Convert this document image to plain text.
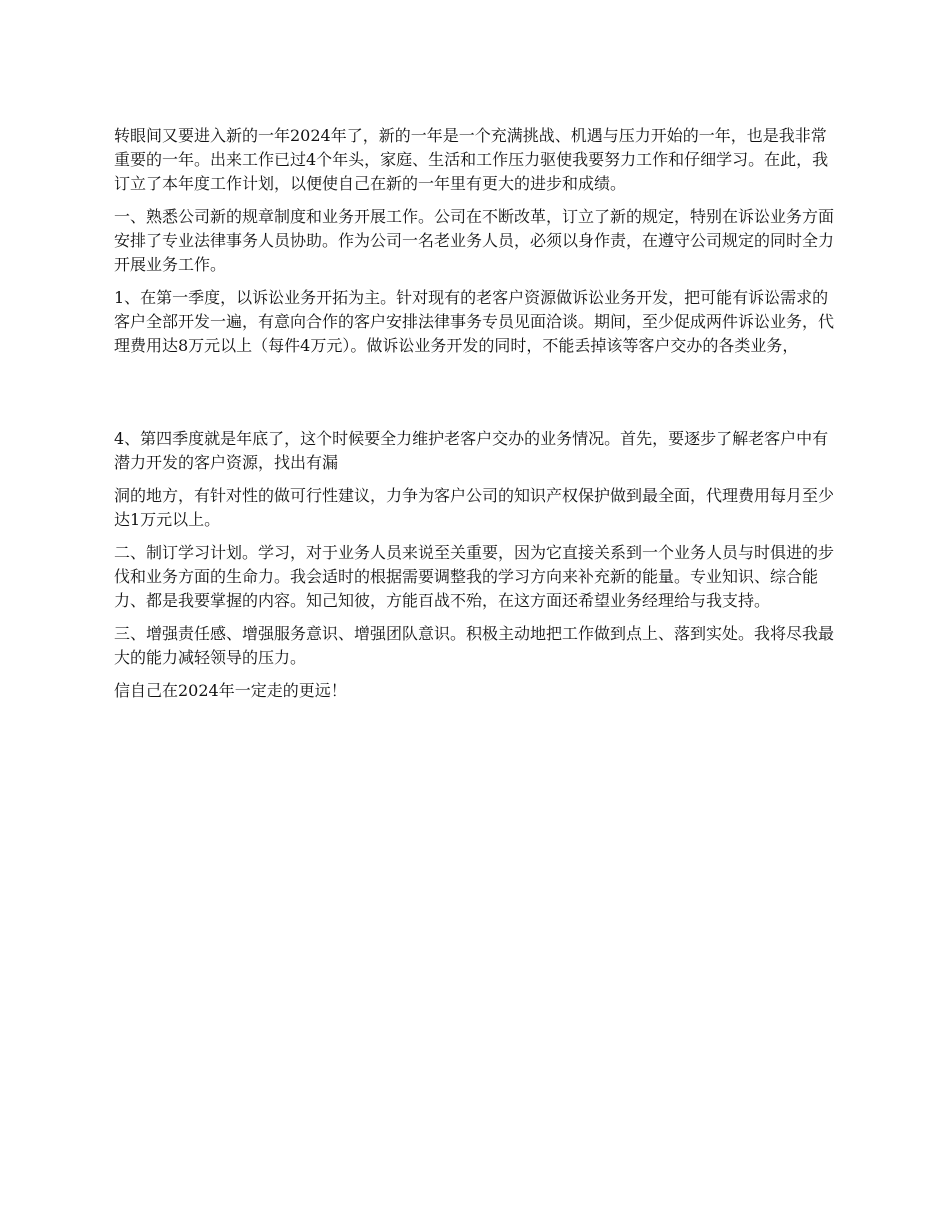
转眼间又要进入新的一年2024年了，新的一年是一个充满挑战、机遇与压力开始的一年，也是我非常重要的一年。出来工作已过4个年头，家庭、生活和工作压力驱使我要努力工作和仔细学习。在此，我订立了本年度工作计划，以便使自己在新的一年里有更大的进步和成绩。

一、熟悉公司新的规章制度和业务开展工作。公司在不断改革，订立了新的规定，特别在诉讼业务方面安排了专业法律事务人员协助。作为公司一名老业务人员，必须以身作责，在遵守公司规定的同时全力开展业务工作。

1、在第一季度，以诉讼业务开拓为主。针对现有的老客户资源做诉讼业务开发，把可能有诉讼需求的客户全部开发一遍，有意向合作的客户安排法律事务专员见面洽谈。期间，至少促成两件诉讼业务，代理费用达8万元以上（每件4万元）。做诉讼业务开发的同时，不能丢掉该等客户交办的各类业务，

4、第四季度就是年底了，这个时候要全力维护老客户交办的业务情况。首先，要逐步了解老客户中有潜力开发的客户资源，找出有漏

洞的地方，有针对性的做可行性建议，力争为客户公司的知识产权保护做到最全面，代理费用每月至少达1万元以上。

二、制订学习计划。学习，对于业务人员来说至关重要，因为它直接关系到一个业务人员与时俱进的步伐和业务方面的生命力。我会适时的根据需要调整我的学习方向来补充新的能量。专业知识、综合能力、都是我要掌握的内容。知己知彼，方能百战不殆，在这方面还希望业务经理给与我支持。

三、增强责任感、增强服务意识、增强团队意识。积极主动地把工作做到点上、落到实处。我将尽我最大的能力减轻领导的压力。

信自己在2024年一定走的更远！
